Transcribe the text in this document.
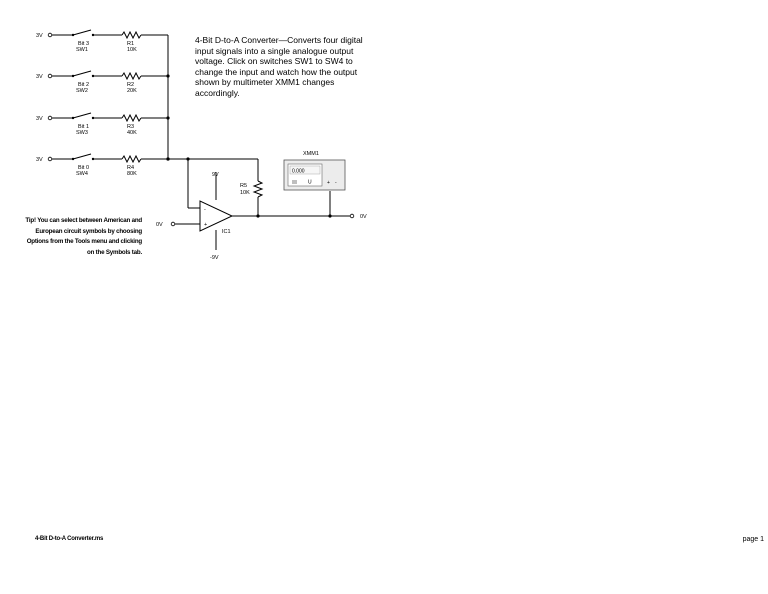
3V
Bit 3
SW1
R1
10K
3V
Bit 2
SW2
R2
20K
3V
Bit 1
SW3
R3
40K
3V
Bit 0
SW4
R4
80K
R5
10K
-
+
IC1
9V
-9V
0V
0V
XMM1
0.000
U	+ -
4-Bit D-to-A Converter—Converts four digital input signals into a single analogue output voltage. Click on switches SW1 to SW4 to change the input and watch how the output shown by multimeter XMM1 changes accordingly.
Tip! You can select between American and European circuit symbols by choosing Options from the Tools menu and clicking on the Symbols tab.
4-Bit D-to-A Converter.ms	page 1
